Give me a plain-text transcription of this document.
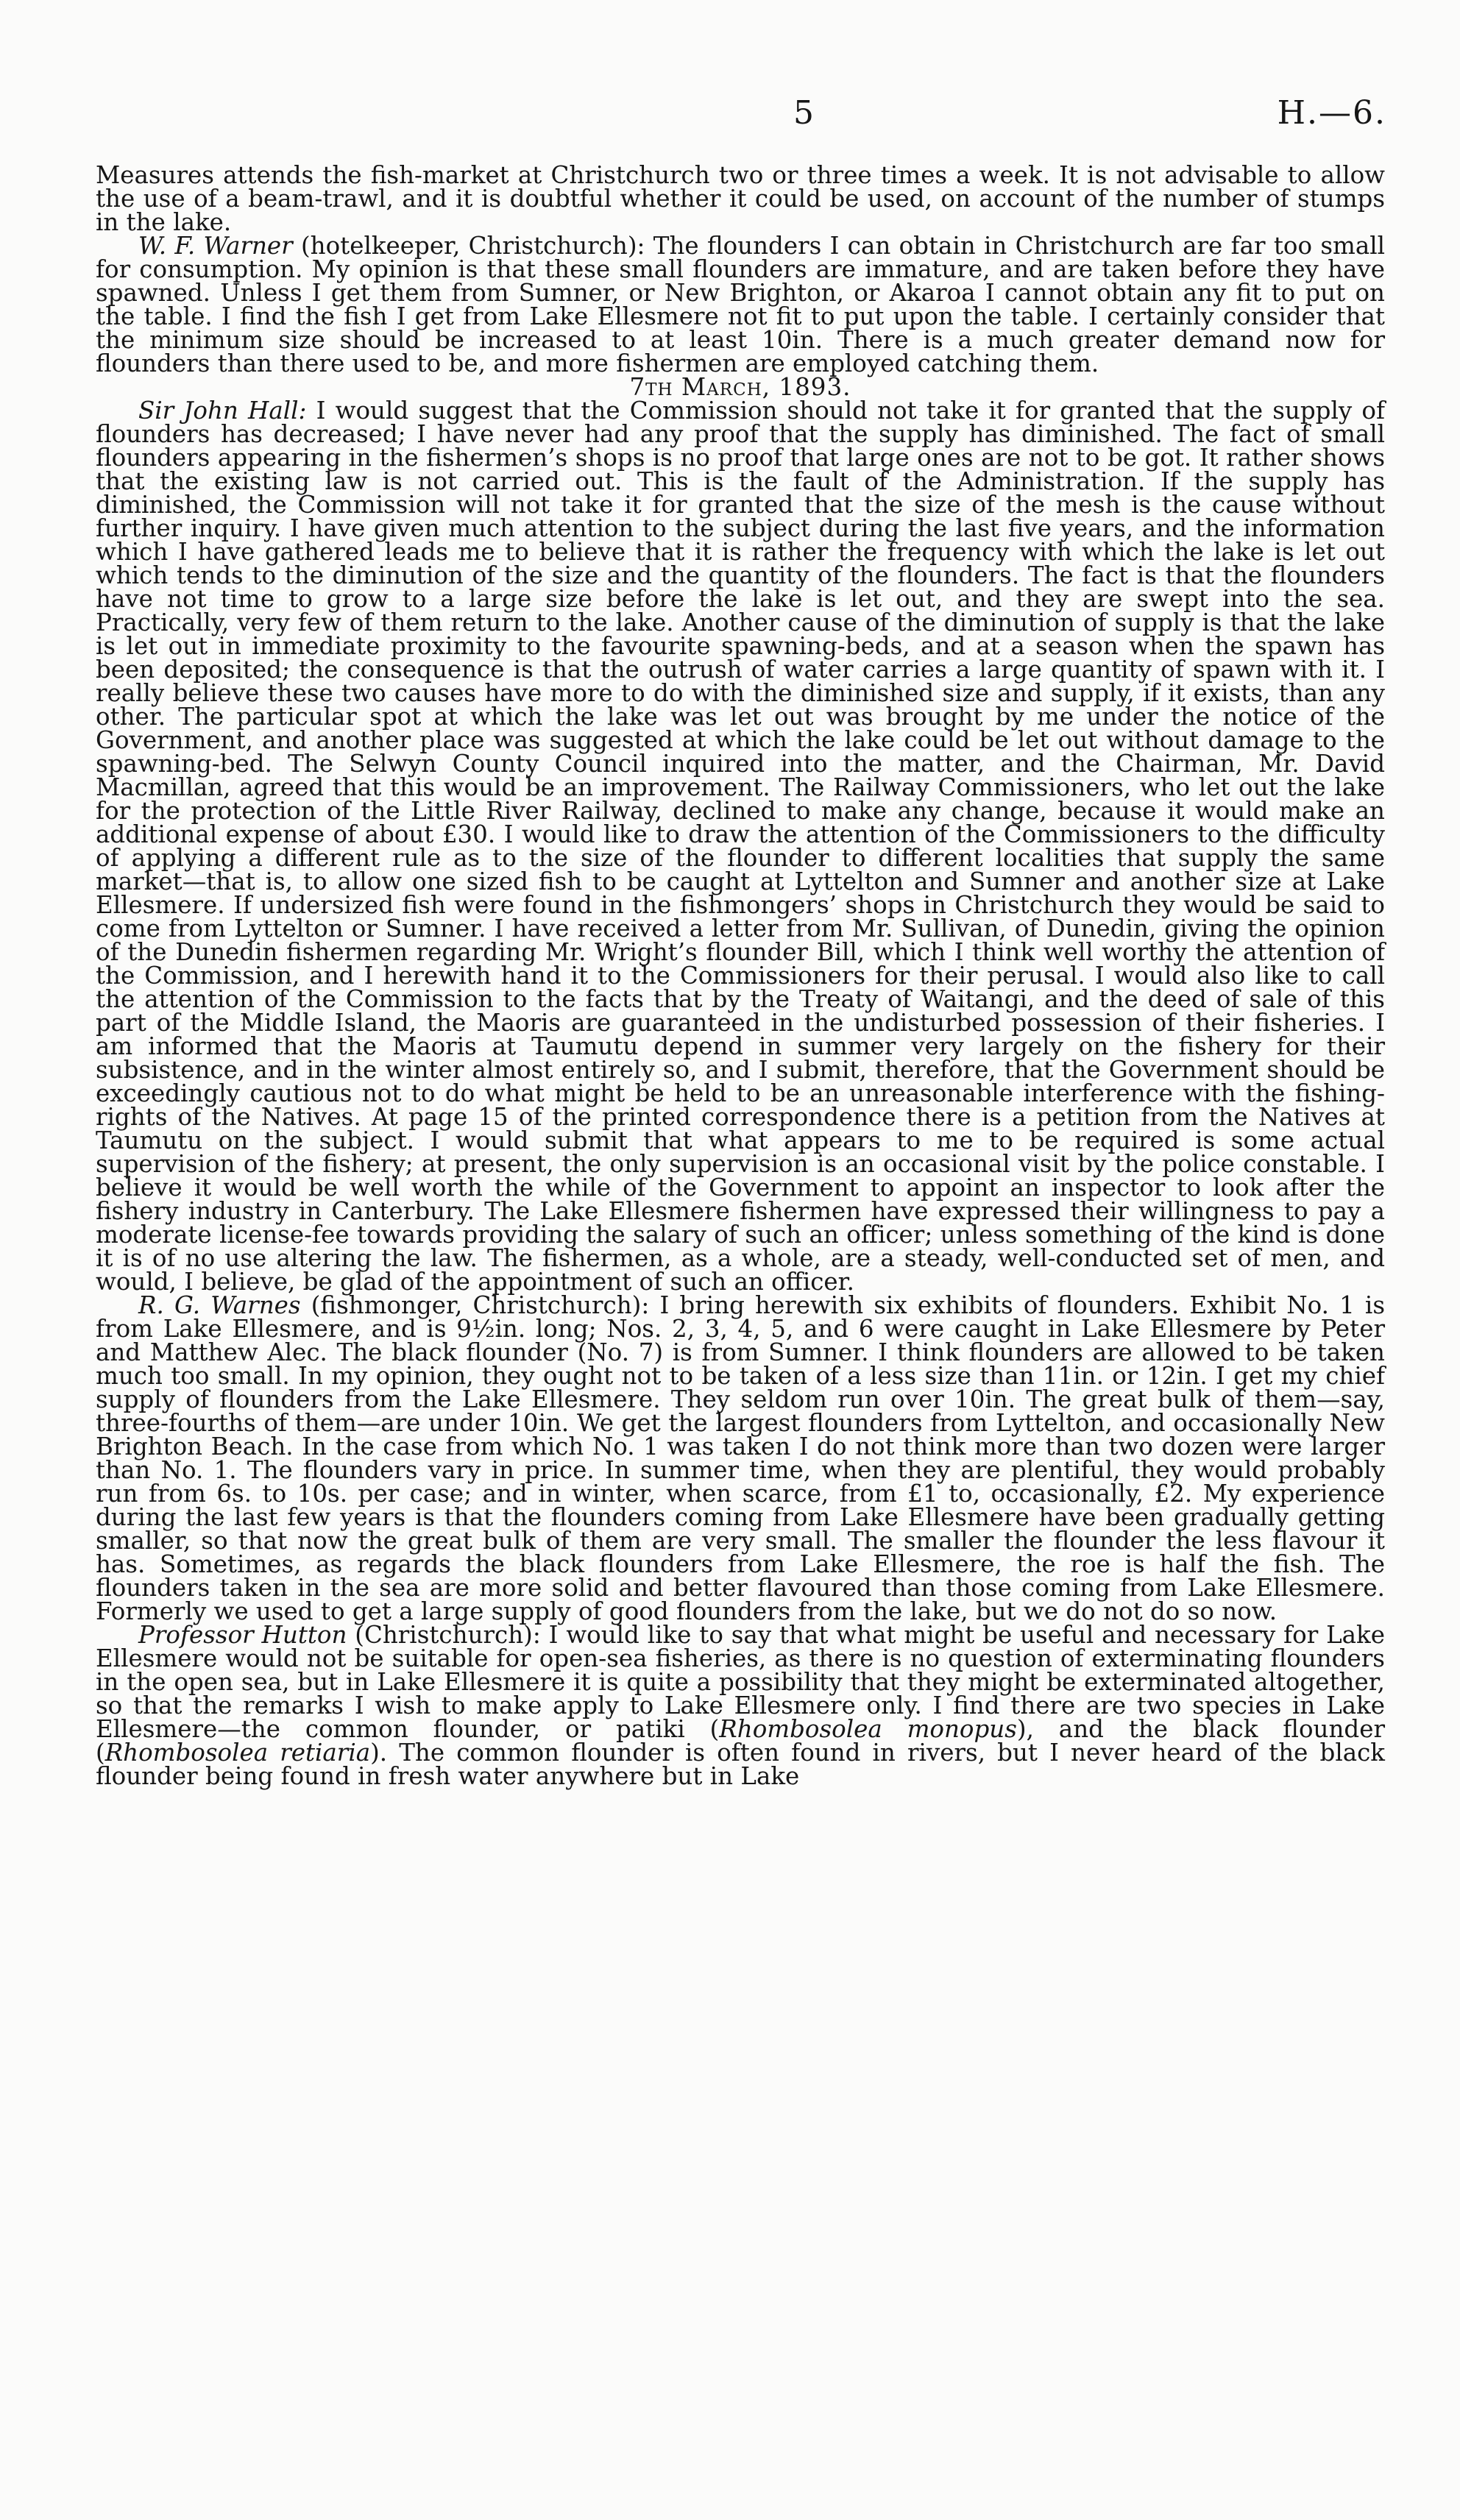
5	H.—6.

Measures attends the fish-market at Christchurch two or three times a week. It is not advisable to allow the use of a beam-trawl, and it is doubtful whether it could be used, on account of the number of stumps in the lake.

W. F. Warner (hotelkeeper, Christchurch): The flounders I can obtain in Christchurch are far too small for consumption. My opinion is that these small flounders are immature, and are taken before they have spawned. Unless I get them from Sumner, or New Brighton, or Akaroa I cannot obtain any fit to put on the table. I find the fish I get from Lake Ellesmere not fit to put upon the table. I certainly consider that the minimum size should be increased to at least 10in. There is a much greater demand now for flounders than there used to be, and more fishermen are employed catching them.

7th March, 1893.

Sir John Hall: I would suggest that the Commission should not take it for granted that the supply of flounders has decreased; I have never had any proof that the supply has diminished. The fact of small flounders appearing in the fishermen’s shops is no proof that large ones are not to be got. It rather shows that the existing law is not carried out. This is the fault of the Administration. If the supply has diminished, the Commission will not take it for granted that the size of the mesh is the cause without further inquiry. I have given much attention to the subject during the last five years, and the information which I have gathered leads me to believe that it is rather the frequency with which the lake is let out which tends to the diminution of the size and the quantity of the flounders. The fact is that the flounders have not time to grow to a large size before the lake is let out, and they are swept into the sea. Practically, very few of them return to the lake. Another cause of the diminution of supply is that the lake is let out in immediate proximity to the favourite spawning-beds, and at a season when the spawn has been deposited; the consequence is that the outrush of water carries a large quantity of spawn with it. I really believe these two causes have more to do with the diminished size and supply, if it exists, than any other. The particular spot at which the lake was let out was brought by me under the notice of the Government, and another place was suggested at which the lake could be let out without damage to the spawning-bed. The Selwyn County Council inquired into the matter, and the Chairman, Mr. David Macmillan, agreed that this would be an improvement. The Railway Commissioners, who let out the lake for the protection of the Little River Railway, declined to make any change, because it would make an additional expense of about £30. I would like to draw the attention of the Commissioners to the difficulty of applying a different rule as to the size of the flounder to different localities that supply the same market—that is, to allow one sized fish to be caught at Lyttelton and Sumner and another size at Lake Ellesmere. If undersized fish were found in the fishmongers’ shops in Christchurch they would be said to come from Lyttelton or Sumner. I have received a letter from Mr. Sullivan, of Dunedin, giving the opinion of the Dunedin fishermen regarding Mr. Wright’s flounder Bill, which I think well worthy the attention of the Commission, and I herewith hand it to the Commissioners for their perusal. I would also like to call the attention of the Commission to the facts that by the Treaty of Waitangi, and the deed of sale of this part of the Middle Island, the Maoris are guaranteed in the undisturbed possession of their fisheries. I am informed that the Maoris at Taumutu depend in summer very largely on the fishery for their subsistence, and in the winter almost entirely so, and I submit, therefore, that the Government should be exceedingly cautious not to do what might be held to be an unreasonable interference with the fishing-rights of the Natives. At page 15 of the printed correspondence there is a petition from the Natives at Taumutu on the subject. I would submit that what appears to me to be required is some actual supervision of the fishery; at present, the only supervision is an occasional visit by the police constable. I believe it would be well worth the while of the Government to appoint an inspector to look after the fishery industry in Canterbury. The Lake Ellesmere fishermen have expressed their willingness to pay a moderate license-fee towards providing the salary of such an officer; unless something of the kind is done it is of no use altering the law. The fishermen, as a whole, are a steady, well-conducted set of men, and would, I believe, be glad of the appointment of such an officer.

R. G. Warnes (fishmonger, Christchurch): I bring herewith six exhibits of flounders. Exhibit No. 1 is from Lake Ellesmere, and is 9½in. long; Nos. 2, 3, 4, 5, and 6 were caught in Lake Ellesmere by Peter and Matthew Alec. The black flounder (No. 7) is from Sumner. I think flounders are allowed to be taken much too small. In my opinion, they ought not to be taken of a less size than 11in. or 12in. I get my chief supply of flounders from the Lake Ellesmere. They seldom run over 10in. The great bulk of them—say, three-fourths of them—are under 10in. We get the largest flounders from Lyttelton, and occasionally New Brighton Beach. In the case from which No. 1 was taken I do not think more than two dozen were larger than No. 1. The flounders vary in price. In summer time, when they are plentiful, they would probably run from 6s. to 10s. per case; and in winter, when scarce, from £1 to, occasionally, £2. My experience during the last few years is that the flounders coming from Lake Ellesmere have been gradually getting smaller, so that now the great bulk of them are very small. The smaller the flounder the less flavour it has. Sometimes, as regards the black flounders from Lake Ellesmere, the roe is half the fish. The flounders taken in the sea are more solid and better flavoured than those coming from Lake Ellesmere. Formerly we used to get a large supply of good flounders from the lake, but we do not do so now.

Professor Hutton (Christchurch): I would like to say that what might be useful and necessary for Lake Ellesmere would not be suitable for open-sea fisheries, as there is no question of exterminating flounders in the open sea, but in Lake Ellesmere it is quite a possibility that they might be exterminated altogether, so that the remarks I wish to make apply to Lake Ellesmere only. I find there are two species in Lake Ellesmere—the common flounder, or patiki (Rhombosolea monopus), and the black flounder (Rhombosolea retiaria). The common flounder is often found in rivers, but I never heard of the black flounder being found in fresh water anywhere but in Lake
